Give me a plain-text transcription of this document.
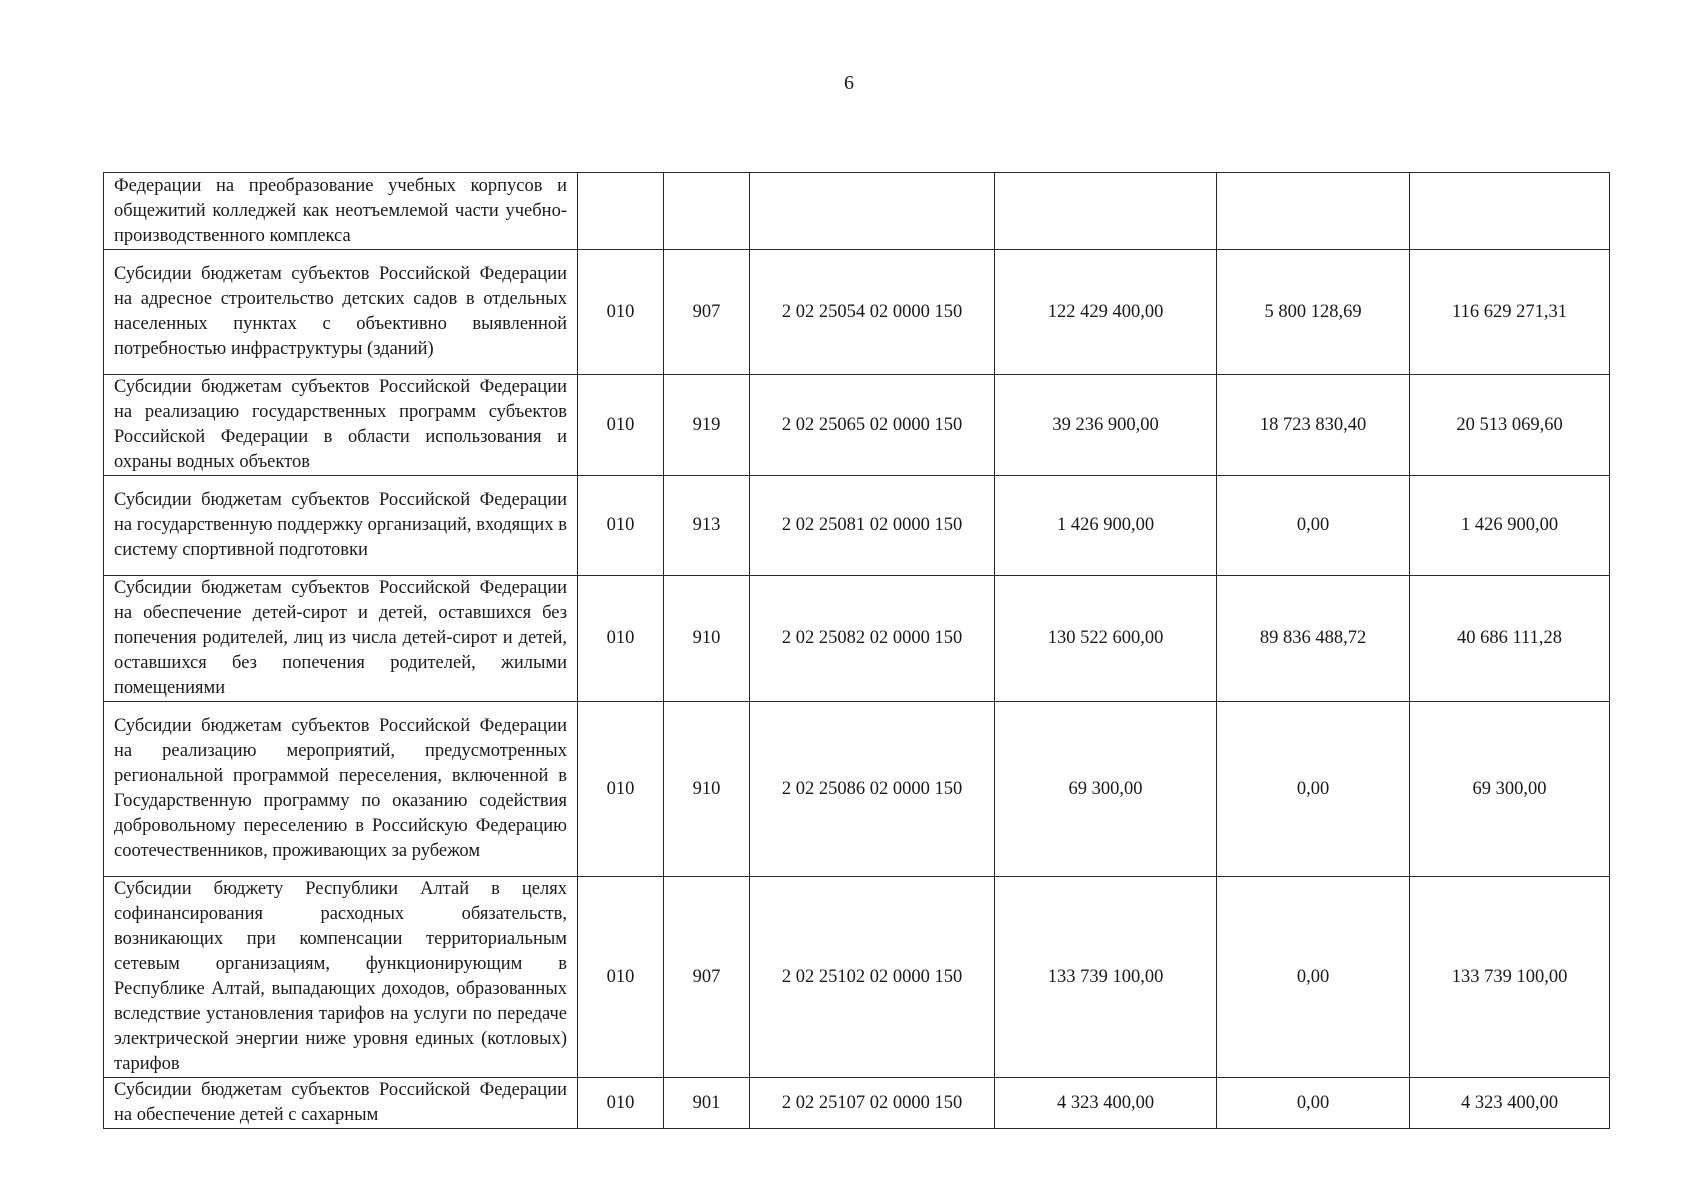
6
Федерации на преобразование учебных корпусов и общежитий колледжей как неотъемлемой части учебно-производственного комплекса						
Субсидии бюджетам субъектов Российской Федерации на адресное строительство детских садов в отдельных населенных пунктах с объективно выявленной потребностью инфраструктуры (зданий)	010	907	2 02 25054 02 0000 150	122 429 400,00	5 800 128,69	116 629 271,31
Субсидии бюджетам субъектов Российской Федерации на реализацию государственных программ субъектов Российской Федерации в области использования и охраны водных объектов	010	919	2 02 25065 02 0000 150	39 236 900,00	18 723 830,40	20 513 069,60
Субсидии бюджетам субъектов Российской Федерации на государственную поддержку организаций, входящих в систему спортивной подготовки	010	913	2 02 25081 02 0000 150	1 426 900,00	0,00	1 426 900,00
Субсидии бюджетам субъектов Российской Федерации на обеспечение детей-сирот и детей, оставшихся без попечения родителей, лиц из числа детей-сирот и детей, оставшихся без попечения родителей, жилыми помещениями	010	910	2 02 25082 02 0000 150	130 522 600,00	89 836 488,72	40 686 111,28
Субсидии бюджетам субъектов Российской Федерации на реализацию мероприятий, предусмотренных региональной программой переселения, включенной в Государственную программу по оказанию содействия добровольному переселению в Российскую Федерацию соотечественников, проживающих за рубежом	010	910	2 02 25086 02 0000 150	69 300,00	0,00	69 300,00
Субсидии бюджету Республики Алтай в целях софинансирования расходных обязательств, возникающих при компенсации территориальным сетевым организациям, функционирующим в Республике Алтай, выпадающих доходов, образованных вследствие установления тарифов на услуги по передаче электрической энергии ниже уровня единых (котловых) тарифов	010	907	2 02 25102 02 0000 150	133 739 100,00	0,00	133 739 100,00

Субсидии бюджетам субъектов Российской Федерации на обеспечение детей с сахарным	010	901	2 02 25107 02 0000 150	4 323 400,00	0,00	4 323 400,00
